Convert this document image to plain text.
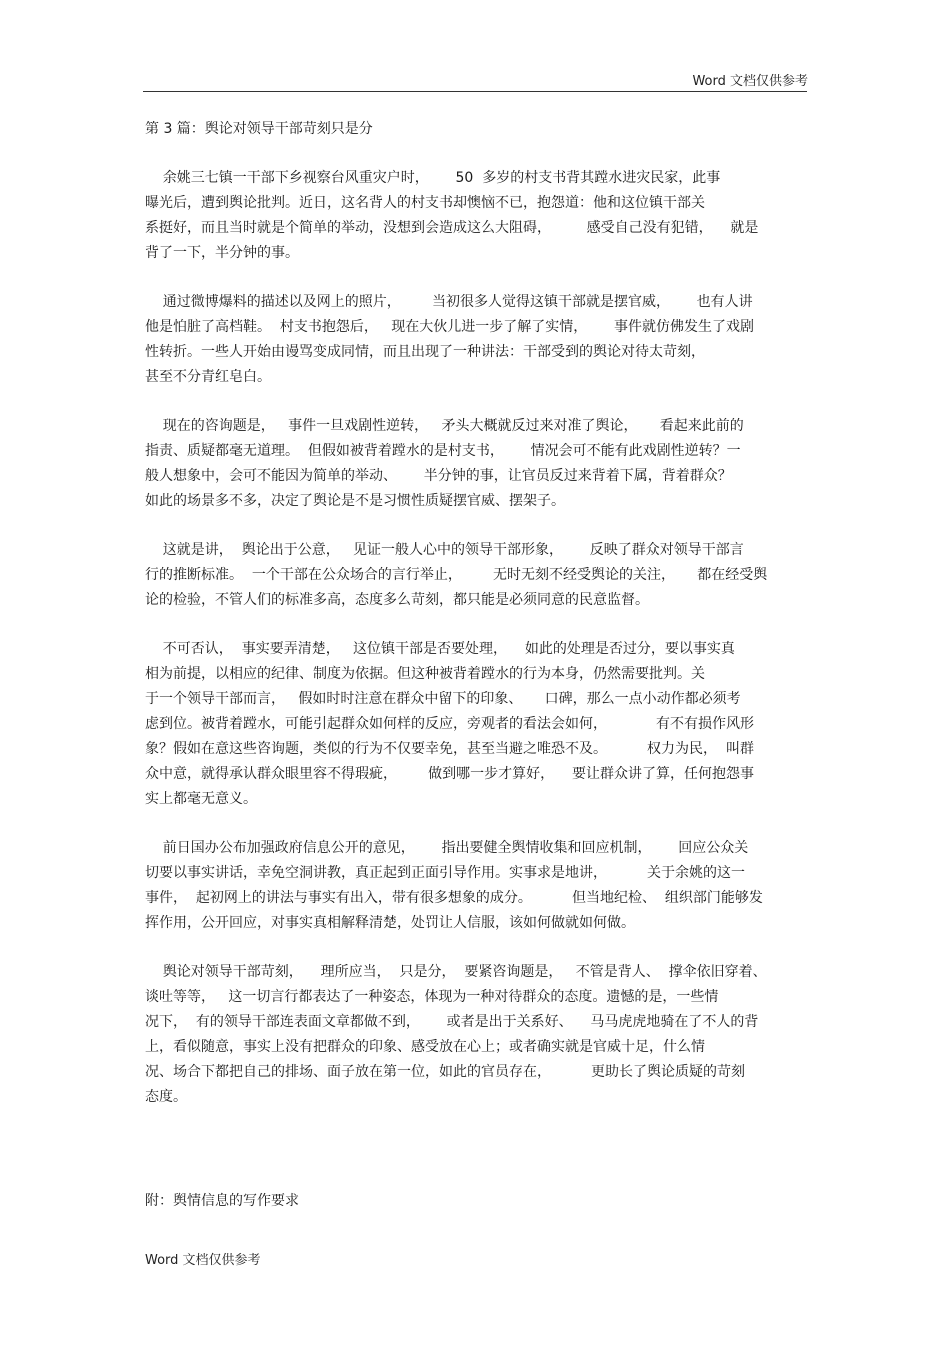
Word 文档仅供参考
第 3 篇：舆论对领导干部苛刻只是分
余姚三七镇一干部下乡视察台风重灾户时，      50  多岁的村支书背其蹚水进灾民家，此事
曝光后，遭到舆论批判。近日，这名背人的村支书却懊恼不已，抱怨道：他和这位镇干部关
系挺好，而且当时就是个简单的举动，没想到会造成这么大阻碍，        感受自己没有犯错，    就是
背了一下，半分钟的事。
通过微博爆料的描述以及网上的照片，       当初很多人觉得这镇干部就是摆官威，      也有人讲
他是怕脏了高档鞋。  村支书抱怨后，   现在大伙儿进一步了解了实情，      事件就仿佛发生了戏剧
性转折。一些人开始由谩骂变成同情，而且出现了一种讲法：干部受到的舆论对待太苛刻，
甚至不分青红皂白。
现在的咨询题是，   事件一旦戏剧性逆转，   矛头大概就反过来对准了舆论，     看起来此前的
指责、质疑都毫无道理。  但假如被背着蹚水的是村支书，      情况会可不能有此戏剧性逆转？一
般人想象中，会可不能因为简单的举动、      半分钟的事，让官员反过来背着下属，背着群众？
如此的场景多不多，决定了舆论是不是习惯性质疑摆官威、摆架子。
这就是讲，  舆论出于公意，   见证一般人心中的领导干部形象，      反映了群众对领导干部言
行的推断标准。  一个干部在公众场合的言行举止，       无时无刻不经受舆论的关注，     都在经受舆
论的检验，不管人们的标准多高，态度多么苛刻，都只能是必须同意的民意监督。
不可否认，  事实要弄清楚，   这位镇干部是否要处理，    如此的处理是否过分，要以事实真
相为前提，以相应的纪律、制度为依据。但这种被背着蹚水的行为本身，仍然需要批判。关
于一个领导干部而言，   假如时时注意在群众中留下的印象、     口碑，那么一点小动作都必须考
虑到位。被背着蹚水，可能引起群众如何样的反应，旁观者的看法会如何，           有不有损作风形
象？假如在意这些咨询题，类似的行为不仅要幸免，甚至当避之唯恐不及。         权力为民，  叫群
众中意，就得承认群众眼里容不得瑕疵，       做到哪一步才算好，    要让群众讲了算，任何抱怨事
实上都毫无意义。
前日国办公布加强政府信息公开的意见，      指出要健全舆情收集和回应机制，      回应公众关
切要以事实讲话，幸免空洞讲教，真正起到正面引导作用。实事求是地讲，         关于余姚的这一
事件，  起初网上的讲法与事实有出入，带有很多想象的成分。         但当地纪检、  组织部门能够发
挥作用，公开回应，对事实真相解释清楚，处罚让人信服，该如何做就如何做。
舆论对领导干部苛刻，    理所应当，  只是分，  要紧咨询题是，   不管是背人、  撑伞依旧穿着、
谈吐等等，   这一切言行都表达了一种姿态，体现为一种对待群众的态度。遗憾的是，一些情
况下，  有的领导干部连表面文章都做不到，      或者是出于关系好、    马马虎虎地骑在了不人的背
上，看似随意，事实上没有把群众的印象、感受放在心上；或者确实就是官威十足，什么情
况、场合下都把自己的排场、面子放在第一位，如此的官员存在，         更助长了舆论质疑的苛刻
态度。
附：舆情信息的写作要求
Word 文档仅供参考
